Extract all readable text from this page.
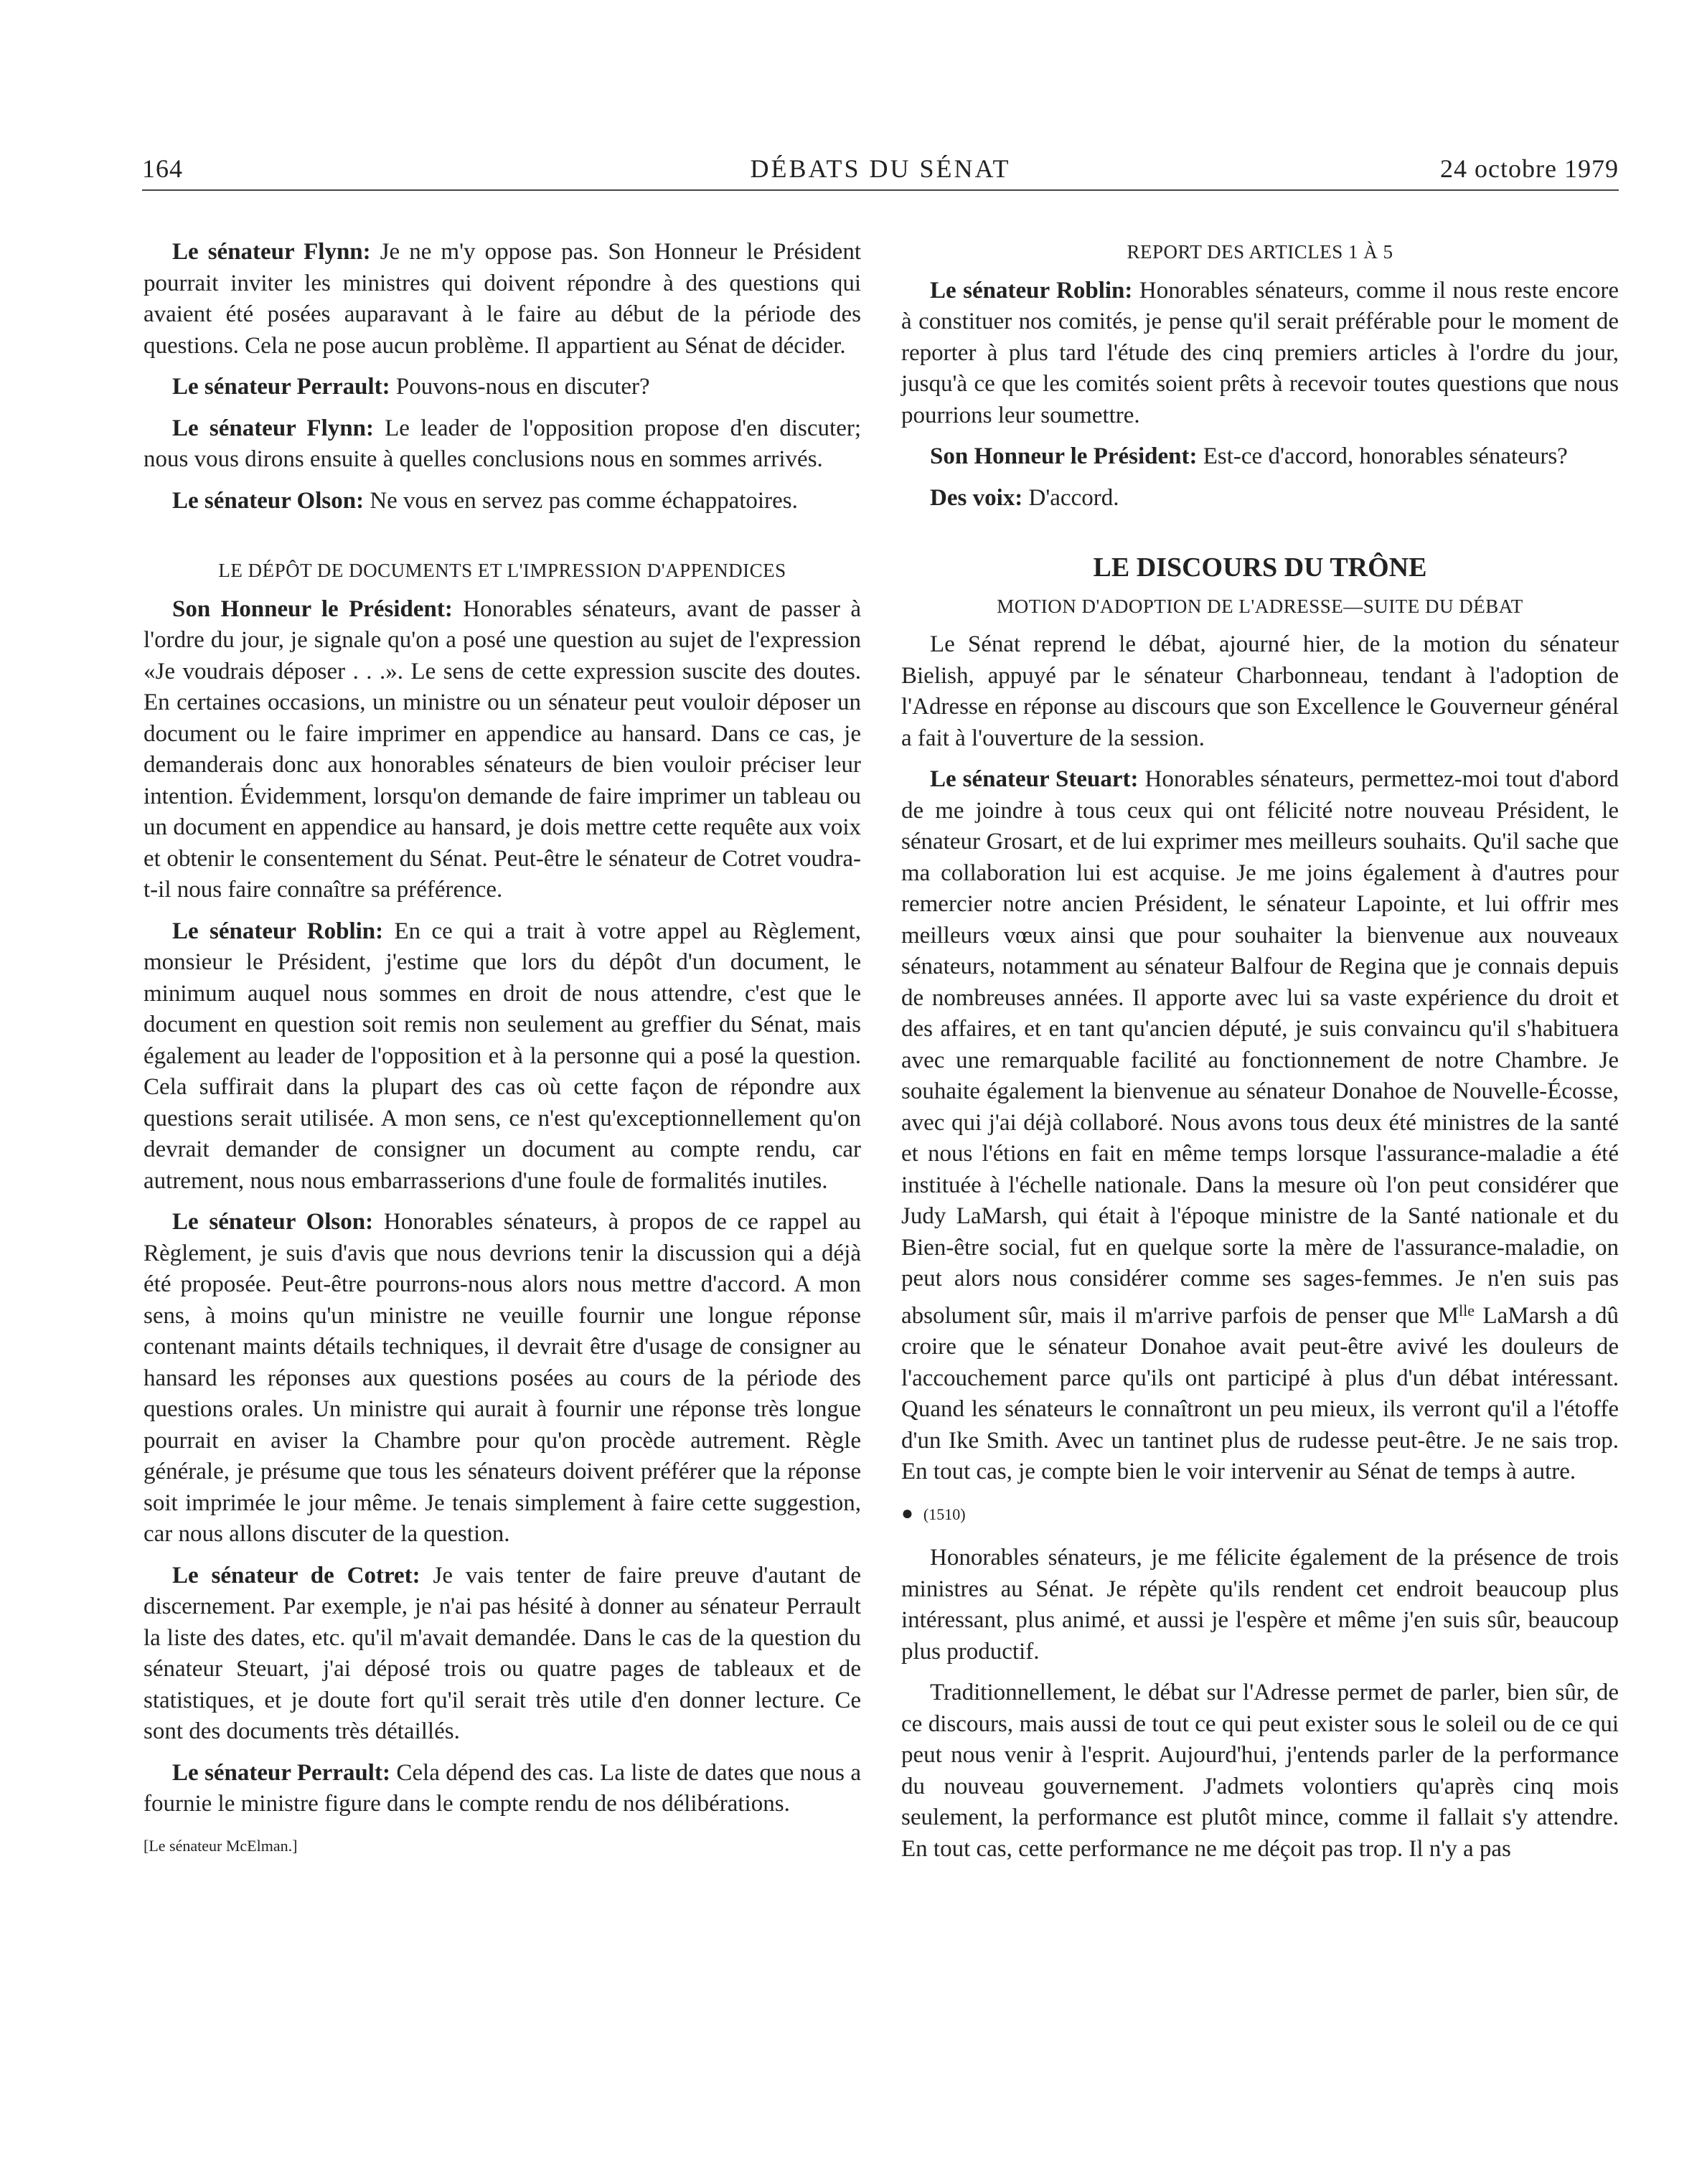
164	DÉBATS DU SÉNAT	24 octobre 1979

Le sénateur Flynn: Je ne m'y oppose pas. Son Honneur le Président pourrait inviter les ministres qui doivent répondre à des questions qui avaient été posées auparavant à le faire au début de la période des questions. Cela ne pose aucun problème. Il appartient au Sénat de décider.

Le sénateur Perrault: Pouvons-nous en discuter?

Le sénateur Flynn: Le leader de l'opposition propose d'en discuter; nous vous dirons ensuite à quelles conclusions nous en sommes arrivés.

Le sénateur Olson: Ne vous en servez pas comme échappatoires.

LE DÉPÔT DE DOCUMENTS ET L'IMPRESSION D'APPENDICES

Son Honneur le Président: Honorables sénateurs, avant de passer à l'ordre du jour, je signale qu'on a posé une question au sujet de l'expression «Je voudrais déposer . . .». Le sens de cette expression suscite des doutes. En certaines occasions, un ministre ou un sénateur peut vouloir déposer un document ou le faire imprimer en appendice au hansard. Dans ce cas, je demanderais donc aux honorables sénateurs de bien vouloir préciser leur intention. Évidemment, lorsqu'on demande de faire imprimer un tableau ou un document en appendice au hansard, je dois mettre cette requête aux voix et obtenir le consentement du Sénat. Peut-être le sénateur de Cotret voudra-t-il nous faire connaître sa préférence.

Le sénateur Roblin: En ce qui a trait à votre appel au Règlement, monsieur le Président, j'estime que lors du dépôt d'un document, le minimum auquel nous sommes en droit de nous attendre, c'est que le document en question soit remis non seulement au greffier du Sénat, mais également au leader de l'opposition et à la personne qui a posé la question. Cela suffirait dans la plupart des cas où cette façon de répondre aux questions serait utilisée. A mon sens, ce n'est qu'exceptionnellement qu'on devrait demander de consigner un document au compte rendu, car autrement, nous nous embarrasserions d'une foule de formalités inutiles.

Le sénateur Olson: Honorables sénateurs, à propos de ce rappel au Règlement, je suis d'avis que nous devrions tenir la discussion qui a déjà été proposée. Peut-être pourrons-nous alors nous mettre d'accord. A mon sens, à moins qu'un ministre ne veuille fournir une longue réponse contenant maints détails techniques, il devrait être d'usage de consigner au hansard les réponses aux questions posées au cours de la période des questions orales. Un ministre qui aurait à fournir une réponse très longue pourrait en aviser la Chambre pour qu'on procède autrement. Règle générale, je présume que tous les sénateurs doivent préférer que la réponse soit imprimée le jour même. Je tenais simplement à faire cette suggestion, car nous allons discuter de la question.

Le sénateur de Cotret: Je vais tenter de faire preuve d'autant de discernement. Par exemple, je n'ai pas hésité à donner au sénateur Perrault la liste des dates, etc. qu'il m'avait demandée. Dans le cas de la question du sénateur Steuart, j'ai déposé trois ou quatre pages de tableaux et de statistiques, et je doute fort qu'il serait très utile d'en donner lecture. Ce sont des documents très détaillés.

Le sénateur Perrault: Cela dépend des cas. La liste de dates que nous a fournie le ministre figure dans le compte rendu de nos délibérations.

[Le sénateur McElman.]
REPORT DES ARTICLES 1 À 5

Le sénateur Roblin: Honorables sénateurs, comme il nous reste encore à constituer nos comités, je pense qu'il serait préférable pour le moment de reporter à plus tard l'étude des cinq premiers articles à l'ordre du jour, jusqu'à ce que les comités soient prêts à recevoir toutes questions que nous pourrions leur soumettre.

Son Honneur le Président: Est-ce d'accord, honorables sénateurs?

Des voix: D'accord.

LE DISCOURS DU TRÔNE
MOTION D'ADOPTION DE L'ADRESSE—SUITE DU DÉBAT

Le Sénat reprend le débat, ajourné hier, de la motion du sénateur Bielish, appuyé par le sénateur Charbonneau, tendant à l'adoption de l'Adresse en réponse au discours que son Excellence le Gouverneur général a fait à l'ouverture de la session.

Le sénateur Steuart: Honorables sénateurs, permettez-moi tout d'abord de me joindre à tous ceux qui ont félicité notre nouveau Président, le sénateur Grosart, et de lui exprimer mes meilleurs souhaits. Qu'il sache que ma collaboration lui est acquise. Je me joins également à d'autres pour remercier notre ancien Président, le sénateur Lapointe, et lui offrir mes meilleurs vœux ainsi que pour souhaiter la bienvenue aux nouveaux sénateurs, notamment au sénateur Balfour de Regina que je connais depuis de nombreuses années. Il apporte avec lui sa vaste expérience du droit et des affaires, et en tant qu'ancien député, je suis convaincu qu'il s'habituera avec une remarquable facilité au fonctionnement de notre Chambre. Je souhaite également la bienvenue au sénateur Donahoe de Nouvelle-Écosse, avec qui j'ai déjà collaboré. Nous avons tous deux été ministres de la santé et nous l'étions en fait en même temps lorsque l'assurance-maladie a été instituée à l'échelle nationale. Dans la mesure où l'on peut considérer que Judy LaMarsh, qui était à l'époque ministre de la Santé nationale et du Bien-être social, fut en quelque sorte la mère de l'assurance-maladie, on peut alors nous considérer comme ses sages-femmes. Je n'en suis pas absolument sûr, mais il m'arrive parfois de penser que $M^{lle}$ LaMarsh a dû croire que le sénateur Donahoe avait peut-être avivé les douleurs de l'accouchement parce qu'ils ont participé à plus d'un débat intéressant. Quand les sénateurs le connaîtront un peu mieux, ils verront qu'il a l'étoffe d'un Ike Smith. Avec un tantinet plus de rudesse peut-être. Je ne sais trop. En tout cas, je compte bien le voir intervenir au Sénat de temps à autre.

● (1510)

Honorables sénateurs, je me félicite également de la présence de trois ministres au Sénat. Je répète qu'ils rendent cet endroit beaucoup plus intéressant, plus animé, et aussi je l'espère et même j'en suis sûr, beaucoup plus productif.

Traditionnellement, le débat sur l'Adresse permet de parler, bien sûr, de ce discours, mais aussi de tout ce qui peut exister sous le soleil ou de ce qui peut nous venir à l'esprit. Aujourd'hui, j'entends parler de la performance du nouveau gouvernement. J'admets volontiers qu'après cinq mois seulement, la performance est plutôt mince, comme il fallait s'y attendre. En tout cas, cette performance ne me déçoit pas trop. Il n'y a pas
